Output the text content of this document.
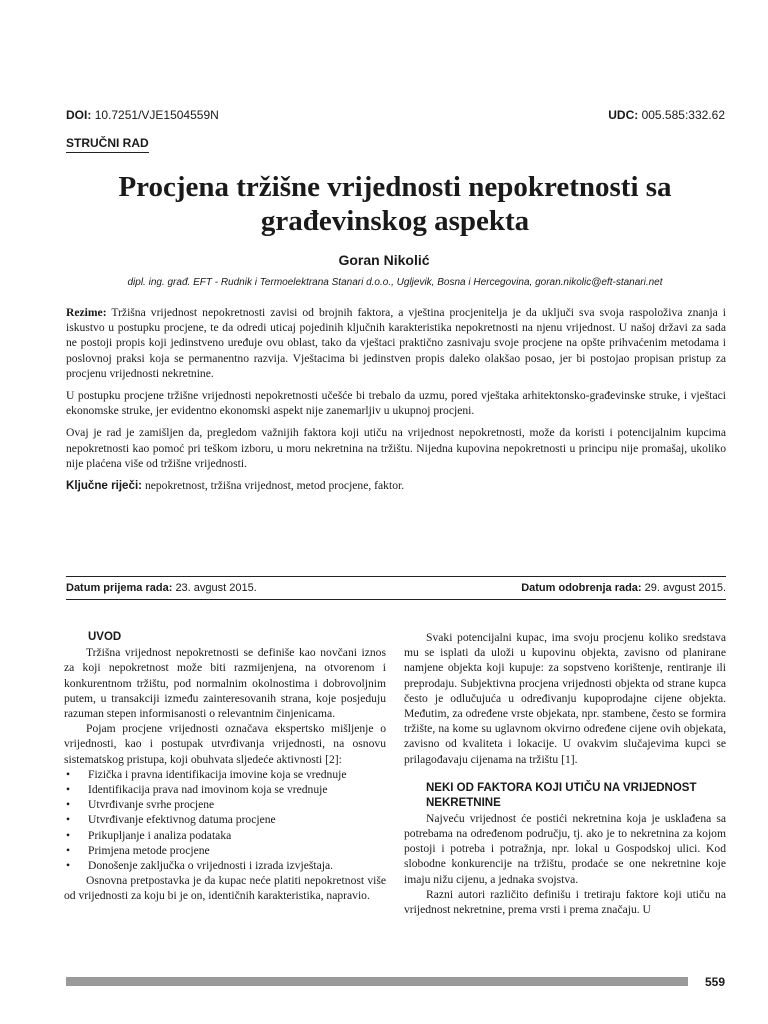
DOI: 10.7251/VJE1504559N	UDC: 005.585:332.62
STRUČNI RAD
Procjena tržišne vrijednosti nepokretnosti sa građevinskog aspekta
Goran Nikolić
dipl. ing. građ. EFT - Rudnik i Termoelektrana Stanari d.o.o., Ugljevik, Bosna i Hercegovina, goran.nikolic@eft-stanari.net

Rezime: Tržišna vrijednost nepokretnosti zavisi od brojnih faktora, a vještina procjenitelja je da uključi sva svoja raspoloživa znanja i iskustvo u postupku procjene, te da odredi uticaj pojedinih ključnih karakteristika nepokretnosti na njenu vrijednost. U našoj državi za sada ne postoji propis koji jedinstveno uređuje ovu oblast, tako da vještaci praktično zasnivaju svoje procjene na opšte prihvaćenim metodama i poslovnoj praksi koja se permanentno razvija. Vještacima bi jedinstven propis daleko olakšao posao, jer bi postojao propisan pristup za procjenu vrijednosti nekretnine.

U postupku procjene tržišne vrijednosti nepokretnosti učešće bi trebalo da uzmu, pored vještaka arhitektonsko-građevinske struke, i vještaci ekonomske struke, jer evidentno ekonomski aspekt nije zanemarljiv u ukupnoj procjeni.

Ovaj je rad je zamišljen da, pregledom važnijih faktora koji utiču na vrijednost nepokretnosti, može da koristi i potencijalnim kupcima nepokretnosti kao pomoć pri teškom izboru, u moru nekretnina na tržištu. Nijedna kupovina nepokretnosti u principu nije promašaj, ukoliko nije plaćena više od tržišne vrijednosti.

Ključne riječi: nepokretnost, tržišna vrijednost, metod procjene, faktor.

Datum prijema rada: 23. avgust 2015.	Datum odobrenja rada: 29. avgust 2015.
UVOD

Tržišna vrijednost nepokretnosti se definiše kao novčani iznos za koji nepokretnost može biti razmijenjena, na otvorenom i konkurentnom tržištu, pod normalnim okolnostima i dobrovoljnim putem, u transakciji između zainteresovanih strana, koje posjeduju razuman stepen informisanosti o relevantnim činjenicama.

Pojam procjene vrijednosti označava ekspertsko mišljenje o vrijednosti, kao i postupak utvrđivanja vrijednosti, na osnovu sistematskog pristupa, koji obuhvata sljedeće aktivnosti [2]:

• Fizička i pravna identifikacija imovine koja se vrednuje
• Identifikacija prava nad imovinom koja se vrednuje
• Utvrđivanje svrhe procjene
• Utvrđivanje efektivnog datuma procjene
• Prikupljanje i analiza podataka
• Primjena metode procjene
• Donošenje zaključka o vrijednosti i izrada izvještaja.

Osnovna pretpostavka je da kupac neće platiti nepokretnost više od vrijednosti za koju bi je on, identičnih karakteristika, napravio.

Svaki potencijalni kupac, ima svoju procjenu koliko sredstava mu se isplati da uloži u kupovinu objekta, zavisno od planirane namjene objekta koji kupuje: za sopstveno korištenje, rentiranje ili preprodaju. Subjektivna procjena vrijednosti objekta od strane kupca često je odlučujuća u određivanju kupoprodajne cijene objekta. Međutim, za određene vrste objekata, npr. stambene, često se formira tržište, na kome su uglavnom okvirno određene cijene ovih objekata, zavisno od kvaliteta i lokacije. U ovakvim slučajevima kupci se prilagođavaju cijenama na tržištu [1].

NEKI OD FAKTORA KOJI UTIČU NA VRIJEDNOST NEKRETNINE

Najveću vrijednost će postići nekretnina koja je usklađena sa potrebama na određenom području, tj. ako je to nekretnina za kojom postoji i potreba i potražnja, npr. lokal u Gospodskoj ulici. Kod slobodne konkurencije na tržištu, prodaće se one nekretnine koje imaju nižu cijenu, a jednaka svojstva.

Razni autori različito definišu i tretiraju faktore koji utiču na vrijednost nekretnine, prema vrsti i prema značaju. U

559
